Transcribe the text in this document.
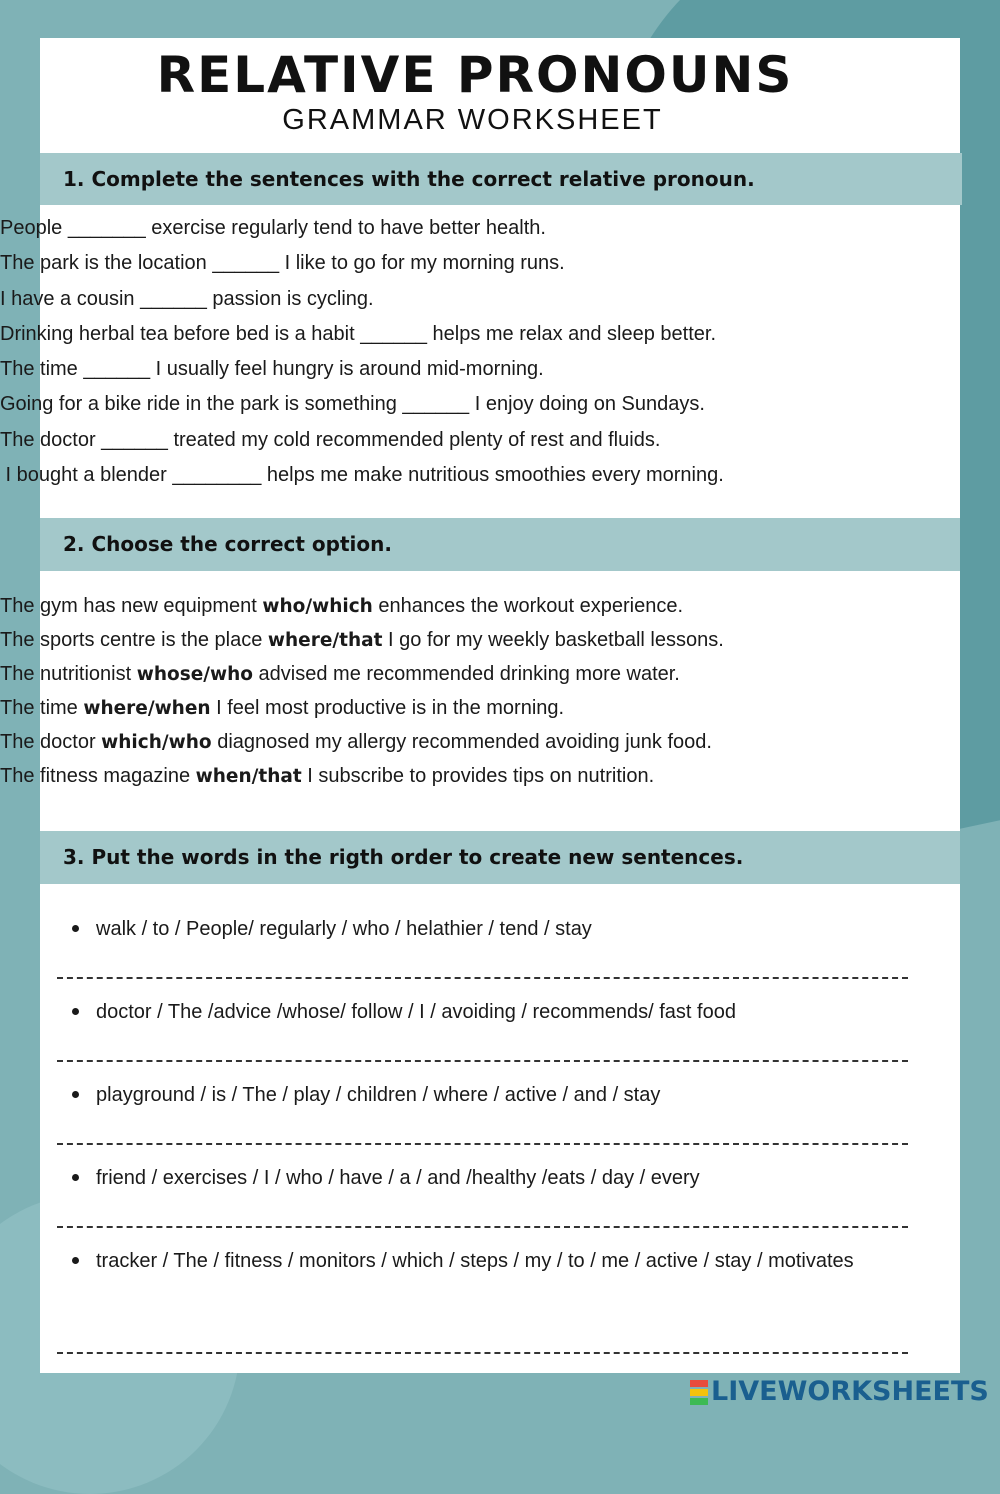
RELATIVE PRONOUNS
GRAMMAR WORKSHEET
1. Complete the sentences with the correct relative pronoun.
People _______ exercise regularly tend to have better health.
The park is the location ______ I like to go for my morning runs.
I have a cousin ______ passion is cycling.
Drinking herbal tea before bed is a habit ______ helps me relax and sleep better.
The time ______ I usually feel hungry is around mid-morning.
Going for a bike ride in the park is something ______ I enjoy doing on Sundays.
The doctor ______ treated my cold recommended plenty of rest and fluids.
I bought a blender ________ helps me make nutritious smoothies every morning.
2. Choose the correct option.
The gym has new equipment who/which enhances the workout experience.
The sports centre is the place where/that I go for my weekly basketball lessons.
The nutritionist whose/who advised me recommended drinking more water.
The time where/when I feel most productive is in the morning.
The doctor which/who diagnosed my allergy recommended avoiding junk food.
The fitness magazine when/that I subscribe to provides tips on nutrition.
3. Put the words in the rigth order to create new sentences.
walk / to / People/ regularly / who / helathier / tend / stay
doctor / The /advice /whose/ follow / I / avoiding / recommends/ fast food
playground / is / The / play / children / where / active / and / stay
friend / exercises / I / who / have / a / and /healthy /eats / day / every
tracker / The / fitness / monitors / which / steps / my / to / me / active / stay / motivates
LIVEWORKSHEETS
